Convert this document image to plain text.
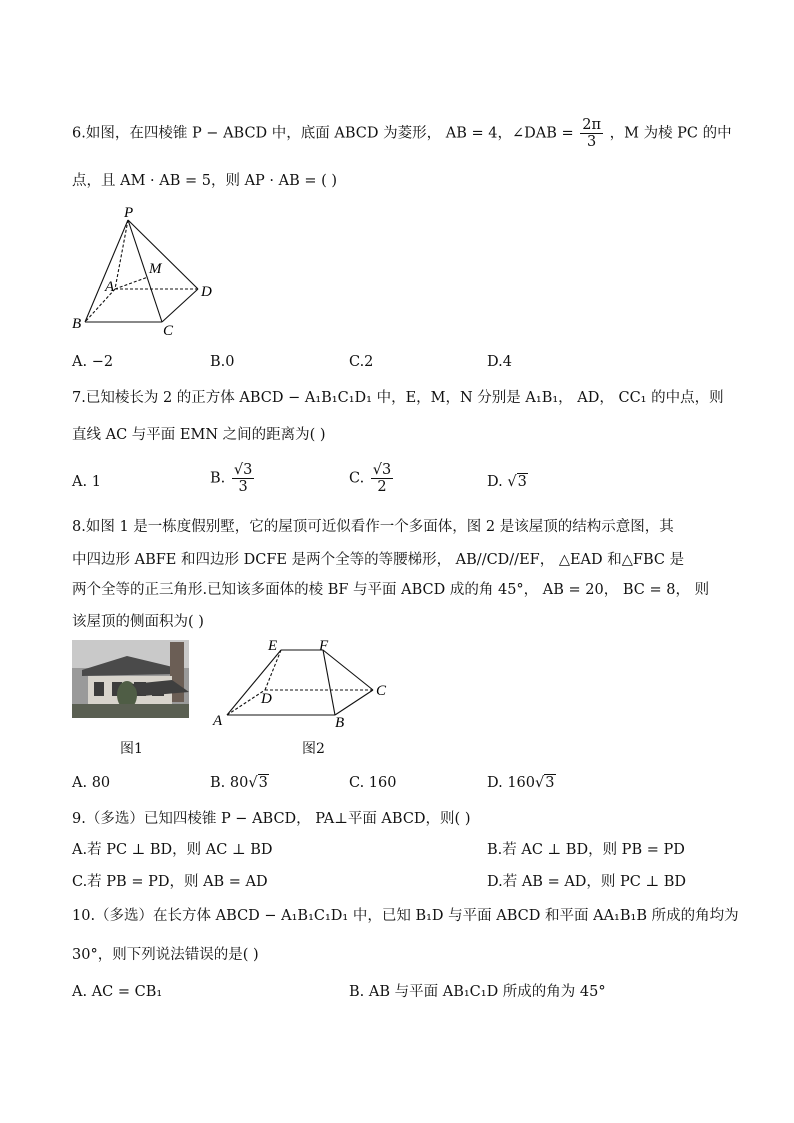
6.如图，在四棱锥 P − ABCD 中，底面 ABCD 为菱形， AB = 4，∠DAB = $\frac{2\pi}{3}$ ，M 为棱 PC 的中
点，且 AM · AB = 5，则 AP · AB = ( )
P
M
A
B	C
D
A. −2	B.0	C.2	D.4
7.已知棱长为 2 的正方体 ABCD − A₁B₁C₁D₁ 中，E，M，N 分别是 A₁B₁， AD， CC₁ 的中点，则
直线 AC 与平面 EMN 之间的距离为( )
A. 1	B. $\frac{√3}{3}$	C. $\frac{√3}{2}$	D. √3
8.如图 1 是一栋度假别墅，它的屋顶可近似看作一个多面体，图 2 是该屋顶的结构示意图，其
中四边形 ABFE 和四边形 DCFE 是两个全等的等腰梯形， AB//CD//EF， △EAD 和△FBC 是
两个全等的正三角形.已知该多面体的棱 BF 与平面 ABCD 成的角 45°， AB = 20， BC = 8， 则
该屋顶的侧面积为( )
图1
E	F
D	C
A	B
图2
A. 80	B. 80√3	C. 160	D. 160√3
9.（多选）已知四棱锥 P − ABCD， PA⊥平面 ABCD，则( )
A.若 PC ⊥ BD，则 AC ⊥ BD	B.若 AC ⊥ BD，则 PB = PD
C.若 PB = PD，则 AB = AD	D.若 AB = AD，则 PC ⊥ BD
10.（多选）在长方体 ABCD − A₁B₁C₁D₁ 中，已知 B₁D 与平面 ABCD 和平面 AA₁B₁B 所成的角均为
30°，则下列说法错误的是( )
A. AC = CB₁	B. AB 与平面 AB₁C₁D 所成的角为 45°
